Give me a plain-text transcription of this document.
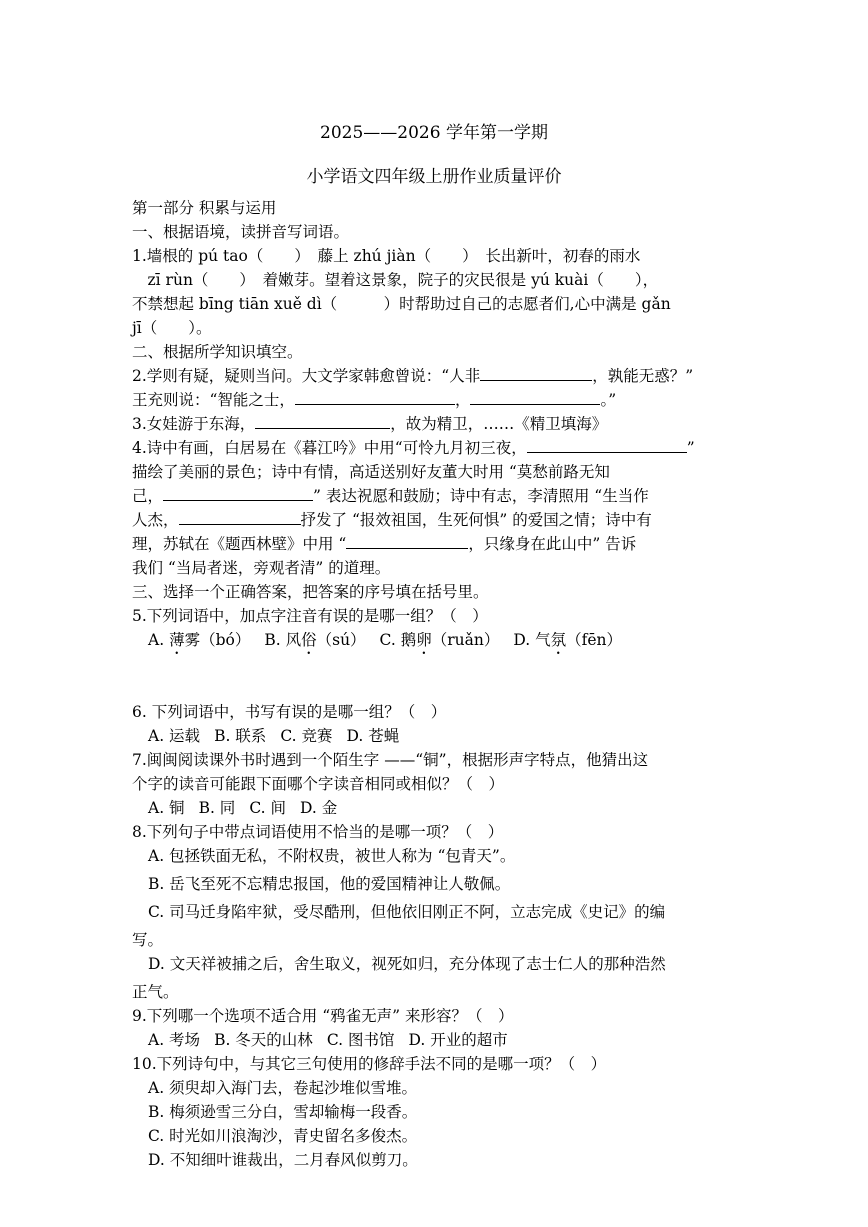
2025——2026 学年第一学期
小学语文四年级上册作业质量评价
第一部分 积累与运用
一、根据语境，读拼音写词语。
1.墙根的 pú tao（　　）　藤上 zhú jiàn（　　）　长出新叶，初春的雨水
　zī rùn（　　）　着嫩芽。望着这景象，院子的灾民很是 yú kuài（　　），
不禁想起 bīng tiān xuě dì（　　　）时帮助过自己的志愿者们,心中满是 gǎn
jī（　　）。
二、根据所学知识填空。
2.学则有疑，疑则当问。大文学家韩愈曾说：“人非	，孰能无惑？”
王充则说：“智能之士，	，	。”
3.女娃游于东海，	，故为精卫，……《精卫填海》
4.诗中有画，白居易在《暮江吟》中用“可怜九月初三夜，	”
描绘了美丽的景色；诗中有情，高适送别好友董大时用 “莫愁前路无知
己，	” 表达祝愿和鼓励；诗中有志，李清照用 “生当作
人杰，	抒发了 “报效祖国，生死何惧” 的爱国之情；诗中有
理，苏轼在《题西林壁》中用 “	，只缘身在此山中” 告诉
我们 “当局者迷，旁观者清” 的道理。
三、选择一个正确答案，把答案的序号填在括号里。
5.下列词语中，加点字注音有误的是哪一组？（　）
A. 薄雾（bó） B. 风俗（sú） C. 鹅卵（ruǎn） D. 气氛（fēn）
6. 下列词语中，书写有误的是哪一组？（　）
A. 运载 B. 联系 C. 竞赛 D. 苍蝇
7.闽闽阅读课外书时遇到一个陌生字 ——“铜”，根据形声字特点，他猜出这
个字的读音可能跟下面哪个字读音相同或相似？（　）
A. 铜 B. 同 C. 间 D. 金
8.下列句子中带点词语使用不恰当的是哪一项？（　）
A. 包拯铁面无私，不附权贵，被世人称为 “包青天”。
B. 岳飞至死不忘精忠报国，他的爱国精神让人敬佩。
C. 司马迁身陷牢狱，受尽酷刑，但他依旧刚正不阿，立志完成《史记》的编
写。
D. 文天祥被捕之后，舍生取义，视死如归，充分体现了志士仁人的那种浩然
正气。
9.下列哪一个选项不适合用 “鸦雀无声” 来形容？（　）
A. 考场 B. 冬天的山林 C. 图书馆 D. 开业的超市
10.下列诗句中，与其它三句使用的修辞手法不同的是哪一项？（　）
A. 须臾却入海门去，卷起沙堆似雪堆。
B. 梅须逊雪三分白，雪却输梅一段香。
C. 时光如川浪淘沙，青史留名多俊杰。
D. 不知细叶谁裁出，二月春风似剪刀。
